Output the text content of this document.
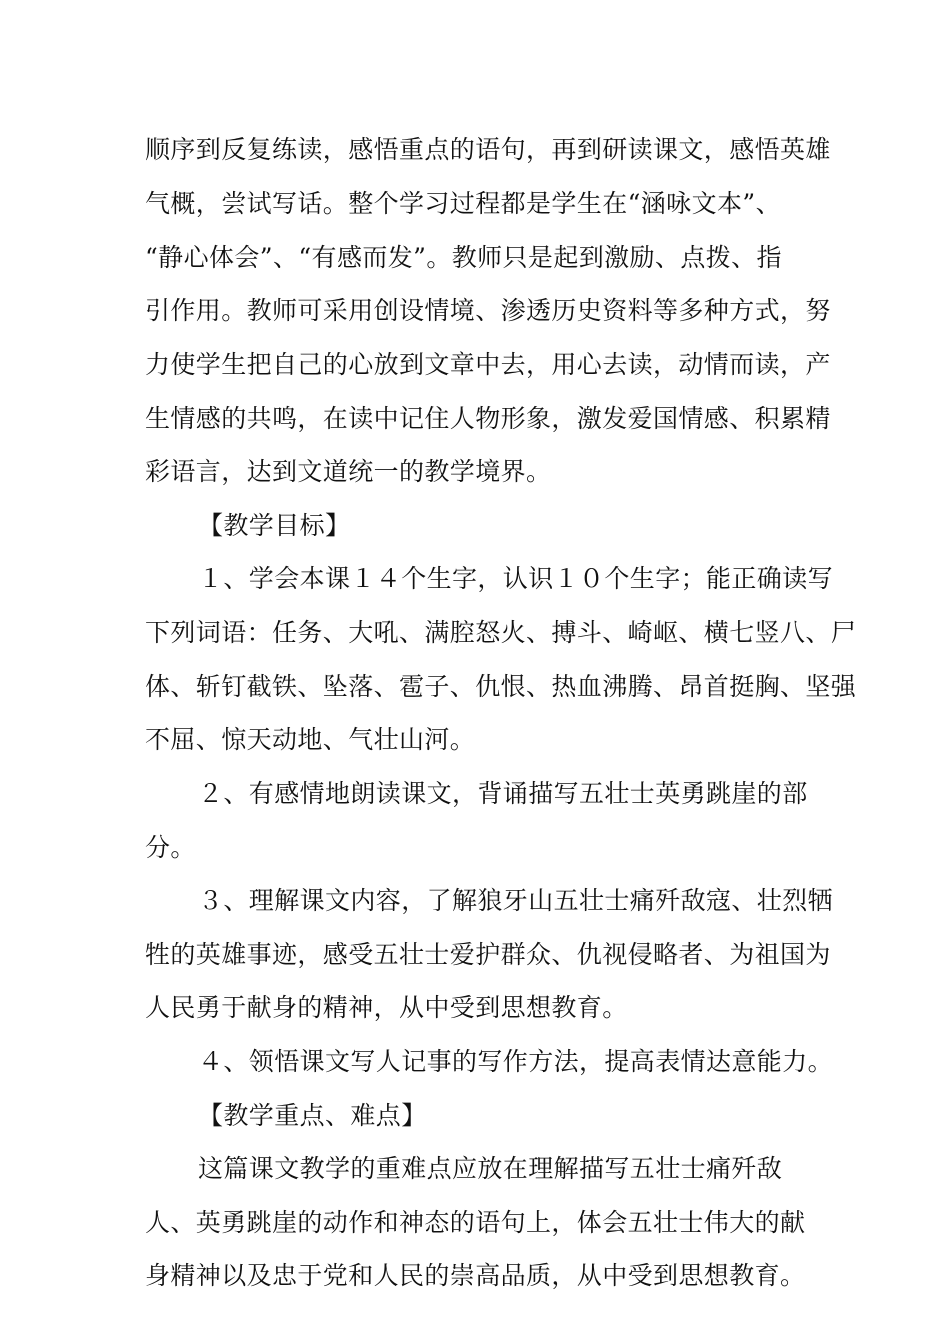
顺序到反复练读，感悟重点的语句，再到研读课文，感悟英雄
气概，尝试写话。整个学习过程都是学生在“涵咏文本”、
“静心体会”、“有感而发”。教师只是起到激励、点拨、指
引作用。教师可采用创设情境、渗透历史资料等多种方式，努
力使学生把自己的心放到文章中去，用心去读，动情而读，产
生情感的共鸣，在读中记住人物形象，激发爱国情感、积累精
彩语言，达到文道统一的教学境界。
【教学目标】
１、学会本课１４个生字，认识１０个生字；能正确读写
下列词语：任务、大吼、满腔怒火、搏斗、崎岖、横七竖八、尸
体、斩钉截铁、坠落、雹子、仇恨、热血沸腾、昂首挺胸、坚强
不屈、惊天动地、气壮山河。
２、有感情地朗读课文，背诵描写五壮士英勇跳崖的部
分。
３、理解课文内容，了解狼牙山五壮士痛歼敌寇、壮烈牺
牲的英雄事迹，感受五壮士爱护群众、仇视侵略者、为祖国为
人民勇于献身的精神，从中受到思想教育。
４、领悟课文写人记事的写作方法，提高表情达意能力。
【教学重点、难点】
这篇课文教学的重难点应放在理解描写五壮士痛歼敌
人、英勇跳崖的动作和神态的语句上，体会五壮士伟大的献
身精神以及忠于党和人民的崇高品质，从中受到思想教育。
